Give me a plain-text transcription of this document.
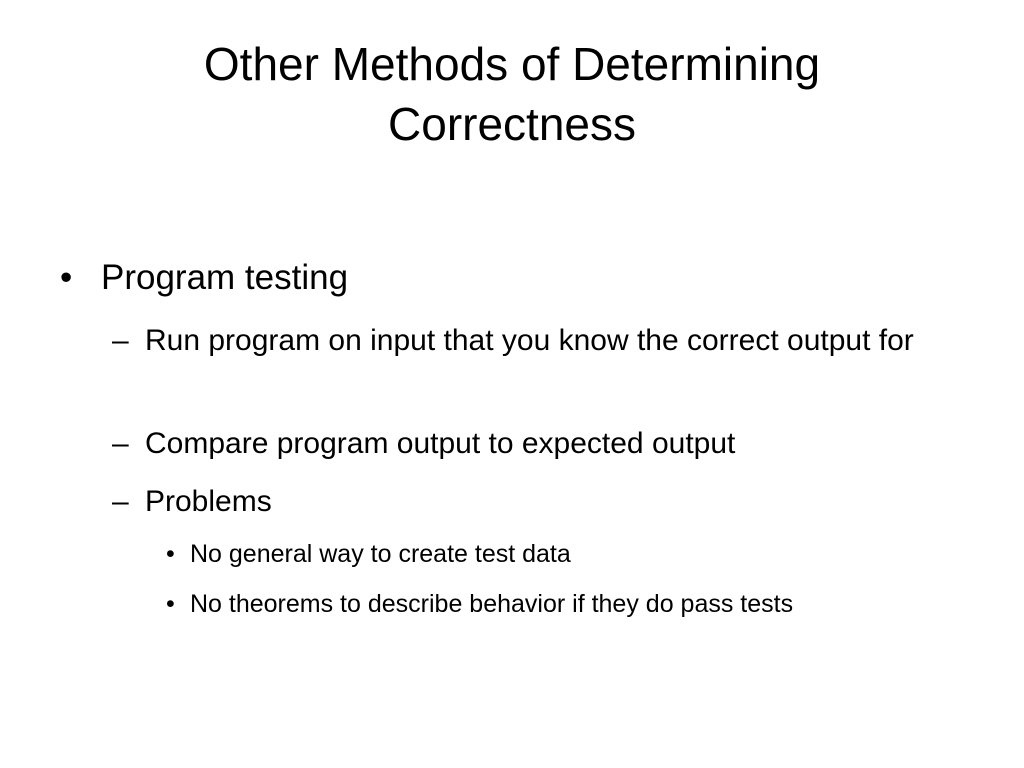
Other Methods of Determining
Correctness
• Program testing
– Run program on input that you know the correct output for
– Compare program output to expected output
– Problems
• No general way to create test data
• No theorems to describe behavior if they do pass tests
